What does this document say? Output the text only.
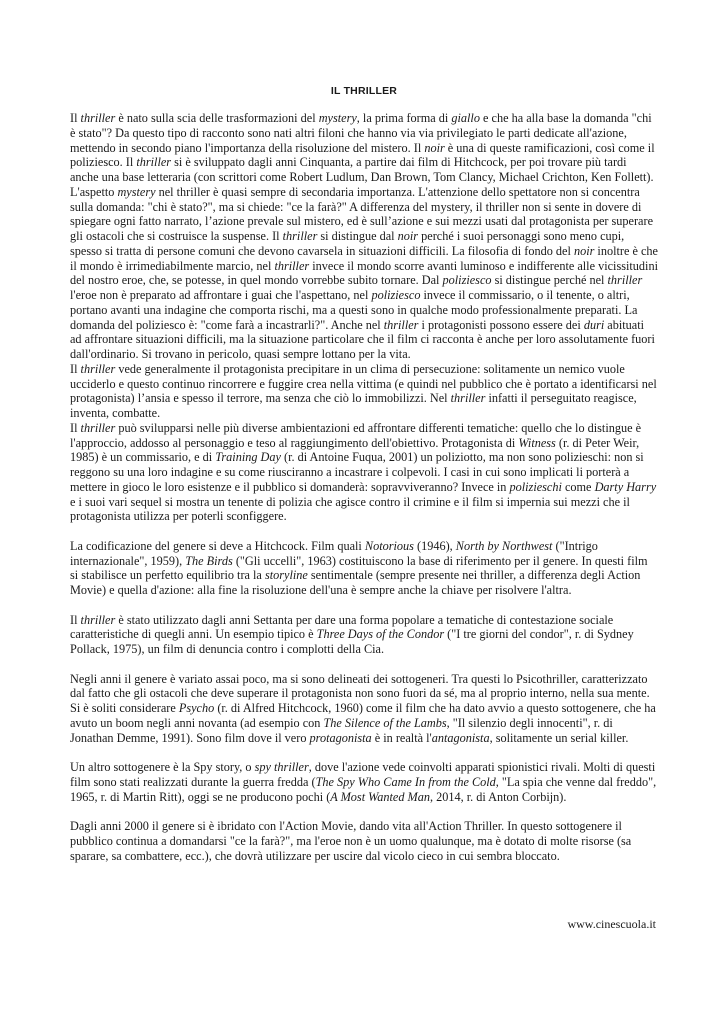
IL THRILLER

Il thriller è nato sulla scia delle trasformazioni del mystery, la prima forma di giallo e che ha alla base la domanda "chi è stato"? Da questo tipo di racconto sono nati altri filoni che hanno via via privilegiato le parti dedicate all'azione, mettendo in secondo piano l'importanza della risoluzione del mistero. Il noir è una di queste ramificazioni, così come il poliziesco. Il thriller si è sviluppato dagli anni Cinquanta, a partire dai film di Hitchcock, per poi trovare più tardi anche una base letteraria (con scrittori come Robert Ludlum, Dan Brown, Tom Clancy, Michael Crichton, Ken Follett). L'aspetto mystery nel thriller è quasi sempre di secondaria importanza. L'attenzione dello spettatore non si concentra sulla domanda: "chi è stato?", ma si chiede: "ce la farà?" A differenza del mystery, il thriller non si sente in dovere di spiegare ogni fatto narrato, l’azione prevale sul mistero, ed è sull’azione e sui mezzi usati dal protagonista per superare gli ostacoli che si costruisce la suspense. Il thriller si distingue dal noir perché i suoi personaggi sono meno cupi, spesso si tratta di persone comuni che devono cavarsela in situazioni difficili. La filosofia di fondo del noir inoltre è che il mondo è irrimediabilmente marcio, nel thriller invece il mondo scorre avanti luminoso e indifferente alle vicissitudini del nostro eroe, che, se potesse, in quel mondo vorrebbe subito tornare. Dal poliziesco si distingue perché nel thriller l'eroe non è preparato ad affrontare i guai che l'aspettano, nel poliziesco invece il commissario, o il tenente, o altri, portano avanti una indagine che comporta rischi, ma a questi sono in qualche modo professionalmente preparati. La domanda del poliziesco è: "come farà a incastrarli?". Anche nel thriller i protagonisti possono essere dei duri abituati ad affrontare situazioni difficili, ma la situazione particolare che il film ci racconta è anche per loro assolutamente fuori dall'ordinario. Si trovano in pericolo, quasi sempre lottano per la vita.

Il thriller vede generalmente il protagonista precipitare in un clima di persecuzione: solitamente un nemico vuole ucciderlo e questo continuo rincorrere e fuggire crea nella vittima (e quindi nel pubblico che è portato a identificarsi nel protagonista) l’ansia e spesso il terrore, ma senza che ciò lo immobilizzi. Nel thriller infatti il perseguitato reagisce, inventa, combatte.

Il thriller può svilupparsi nelle più diverse ambientazioni ed affrontare differenti tematiche: quello che lo distingue è l'approccio, addosso al personaggio e teso al raggiungimento dell'obiettivo. Protagonista di Witness (r. di Peter Weir, 1985) è un commissario, e di Training Day (r. di Antoine Fuqua, 2001) un poliziotto, ma non sono polizieschi: non si reggono su una loro indagine e su come riusciranno a incastrare i colpevoli. I casi in cui sono implicati li porterà a mettere in gioco le loro esistenze e il pubblico si domanderà: sopravviveranno? Invece in polizieschi come Darty Harry e i suoi vari sequel si mostra un tenente di polizia che agisce contro il crimine e il film si impernia sui mezzi che il protagonista utilizza per poterli sconfiggere.

La codificazione del genere si deve a Hitchcock. Film quali Notorious (1946), North by Northwest ("Intrigo internazionale", 1959), The Birds ("Gli uccelli", 1963) costituiscono la base di riferimento per il genere. In questi film si stabilisce un perfetto equilibrio tra la storyline sentimentale (sempre presente nei thriller, a differenza degli Action Movie) e quella d'azione: alla fine la risoluzione dell'una è sempre anche la chiave per risolvere l'altra.

Il thriller è stato utilizzato dagli anni Settanta per dare una forma popolare a tematiche di contestazione sociale caratteristiche di quegli anni. Un esempio tipico è Three Days of the Condor ("I tre giorni del condor", r. di Sydney Pollack, 1975), un film di denuncia contro i complotti della Cia.

Negli anni il genere è variato assai poco, ma si sono delineati dei sottogeneri. Tra questi lo Psicothriller, caratterizzato dal fatto che gli ostacoli che deve superare il protagonista non sono fuori da sé, ma al proprio interno, nella sua mente. Si è soliti considerare Psycho (r. di Alfred Hitchcock, 1960) come il film che ha dato avvio a questo sottogenere, che ha avuto un boom negli anni novanta (ad esempio con The Silence of the Lambs, "Il silenzio degli innocenti", r. di Jonathan Demme, 1991). Sono film dove il vero protagonista è in realtà l'antagonista, solitamente un serial killer.

Un altro sottogenere è la Spy story, o spy thriller, dove l'azione vede coinvolti apparati spionistici rivali. Molti di questi film sono stati realizzati durante la guerra fredda (The Spy Who Came In from the Cold, "La spia che venne dal freddo", 1965, r. di Martin Ritt), oggi se ne producono pochi (A Most Wanted Man, 2014, r. di Anton Corbijn).

Dagli anni 2000 il genere si è ibridato con l'Action Movie, dando vita all'Action Thriller. In questo sottogenere il pubblico continua a domandarsi "ce la farà?", ma l'eroe non è un uomo qualunque, ma è dotato di molte risorse (sa sparare, sa combattere, ecc.), che dovrà utilizzare per uscire dal vicolo cieco in cui sembra bloccato.

www.cinescuola.it
